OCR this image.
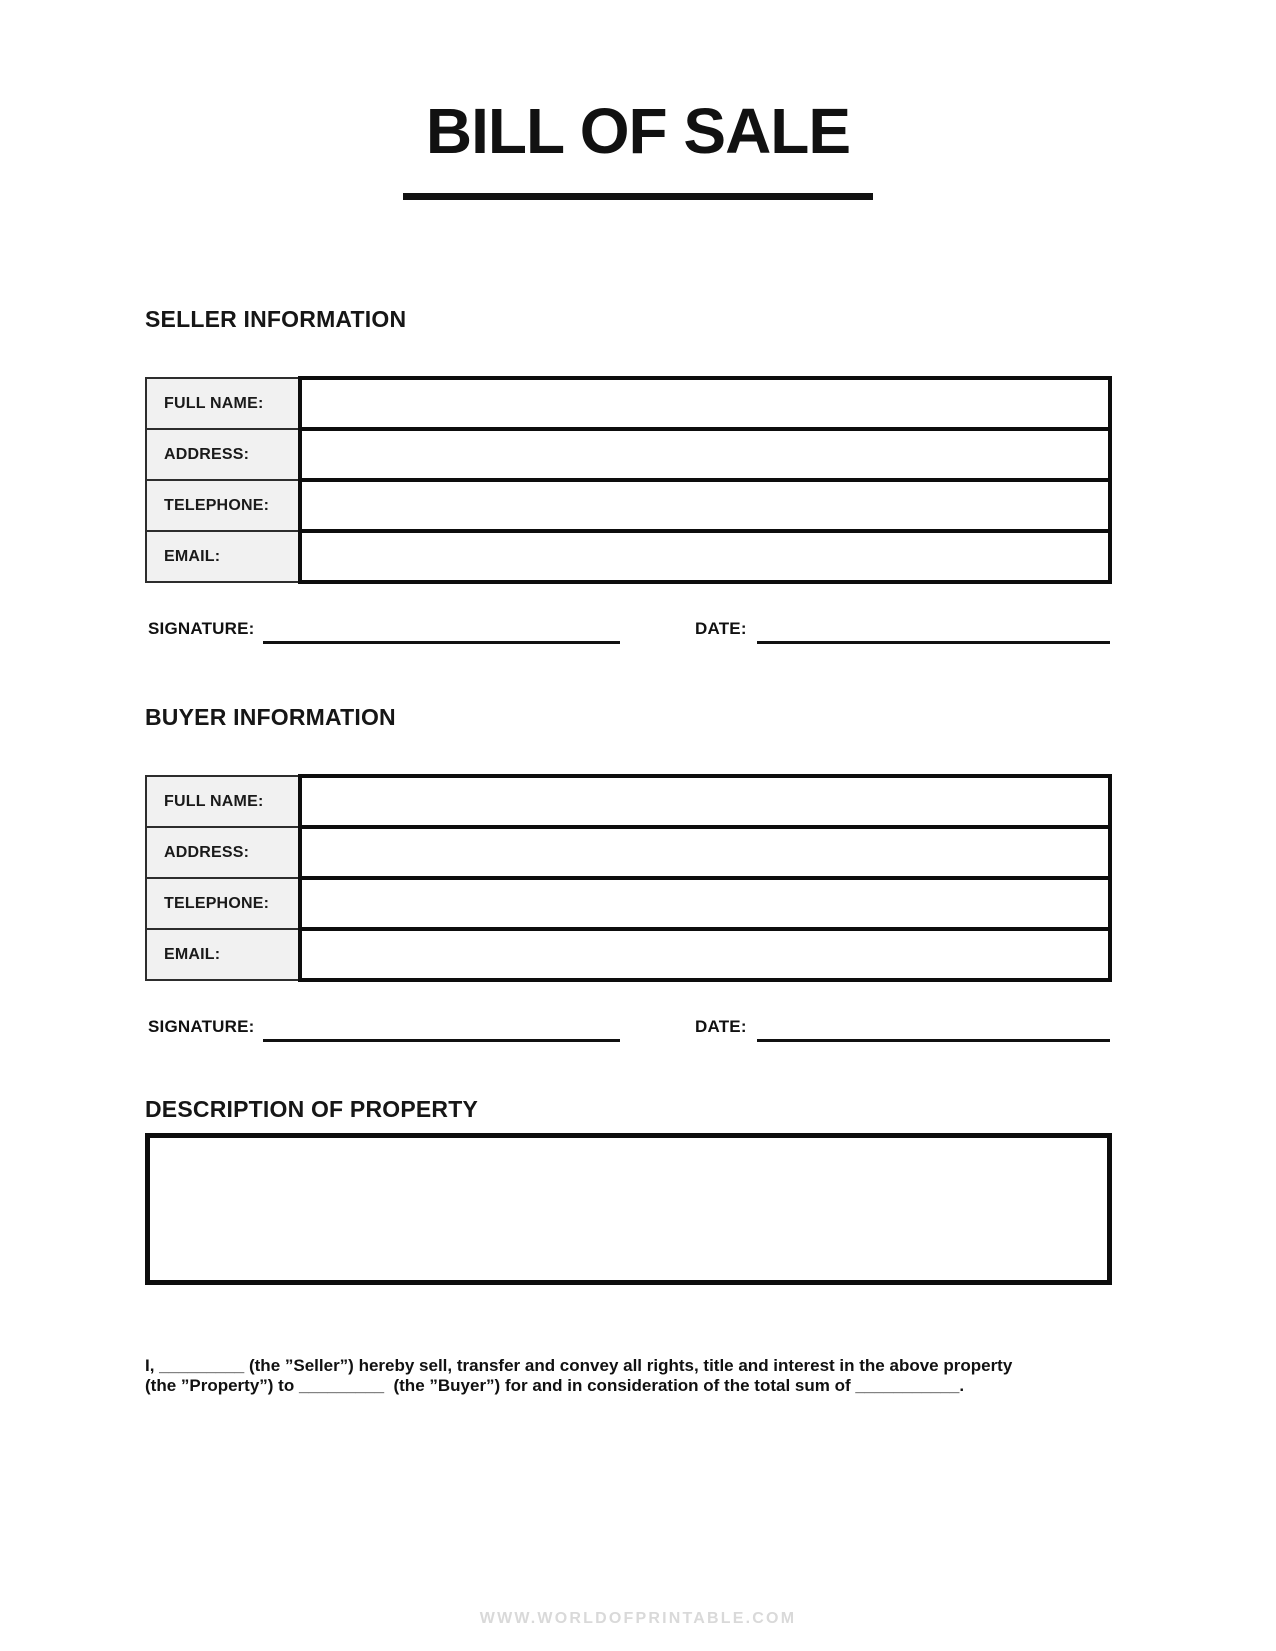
BILL OF SALE
SELLER INFORMATION
FULL NAME:	
ADDRESS:	
TELEPHONE:	
EMAIL:	
SIGNATURE:	DATE:
BUYER INFORMATION
FULL NAME:	
ADDRESS:	
TELEPHONE:	
EMAIL:	
SIGNATURE:	DATE:
DESCRIPTION OF PROPERTY
I, _________ (the ”Seller”) hereby sell, transfer and convey all rights, title and interest in the above property
(the ”Property”) to _________  (the ”Buyer”) for and in consideration of the total sum of ___________.
WWW.WORLDOFPRINTABLE.COM
